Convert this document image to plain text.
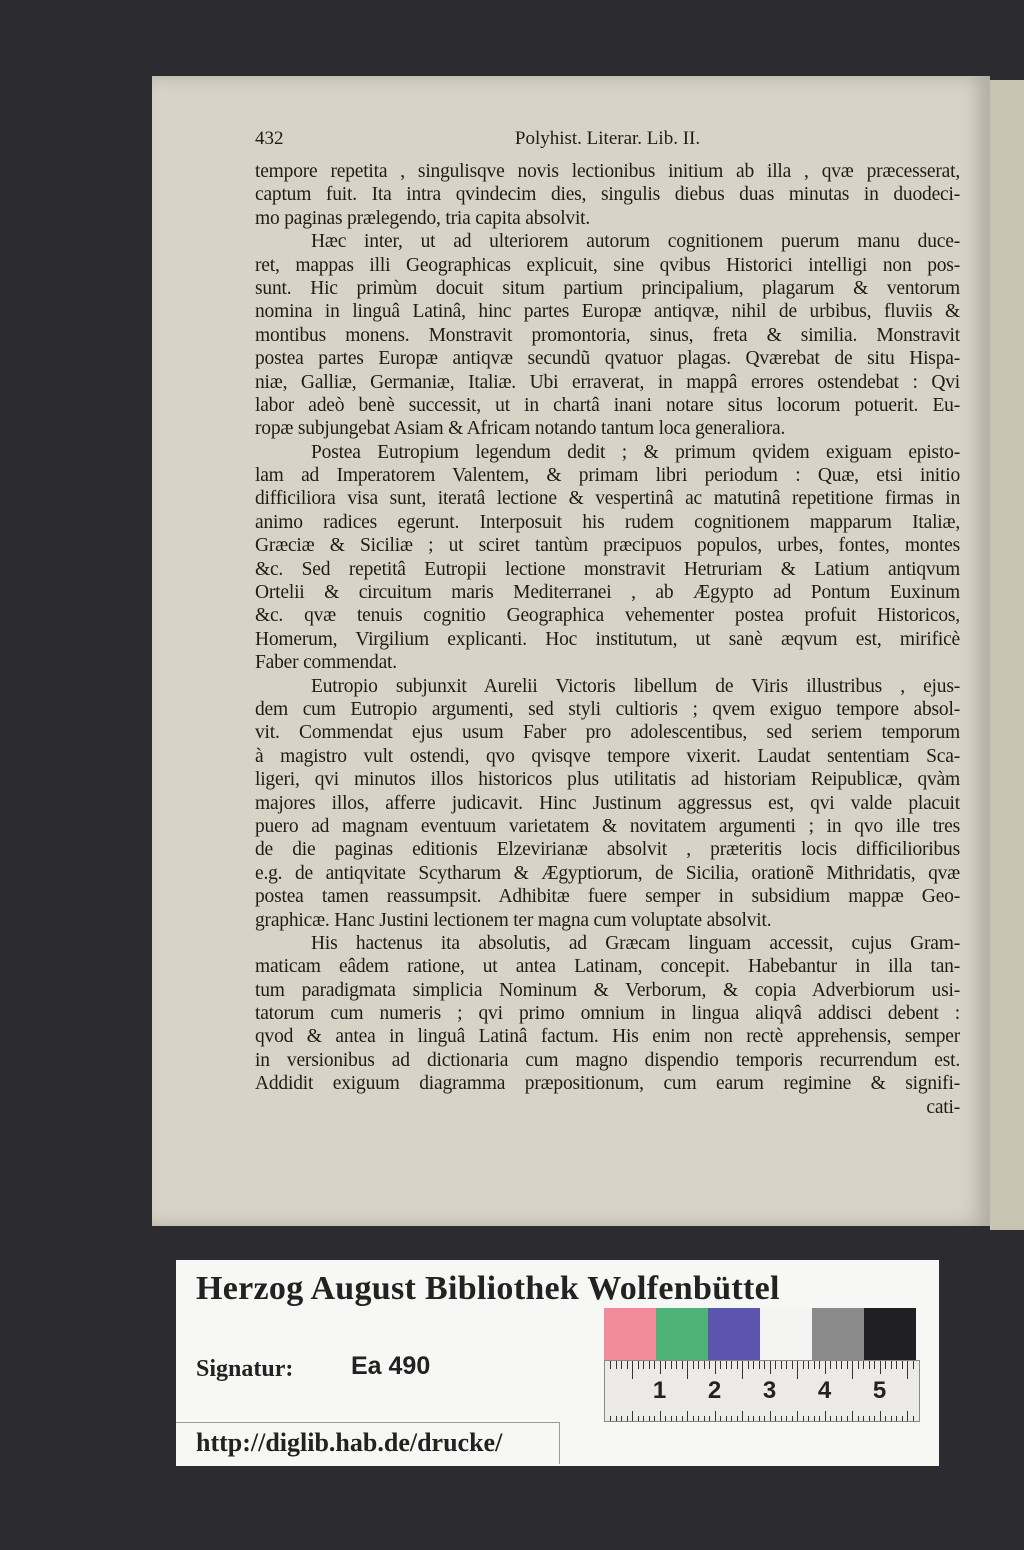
432	Polyhist. Literar. Lib. II.
tempore repetita , singulisqve novis lectionibus initium ab illa , qvæ præcesserat,
captum fuit. Ita intra qvindecim dies, singulis diebus duas minutas in duodeci-
mo paginas prælegendo, tria capita absolvit.
Hæc inter, ut ad ulteriorem autorum cognitionem puerum manu duce-
ret, mappas illi Geographicas explicuit, sine qvibus Historici intelligi non pos-
sunt. Hic primùm docuit situm partium principalium, plagarum & ventorum
nomina in linguâ Latinâ, hinc partes Europæ antiqvæ, nihil de urbibus, fluviis &
montibus monens. Monstravit promontoria, sinus, freta & similia. Monstravit
postea partes Europæ antiqvæ secundũ qvatuor plagas. Qværebat de situ Hispa-
niæ, Galliæ, Germaniæ, Italiæ. Ubi erraverat, in mappâ errores ostendebat : Qvi
labor adeò benè successit, ut in chartâ inani notare situs locorum potuerit. Eu-
ropæ subjungebat Asiam & Africam notando tantum loca generaliora.
Postea Eutropium legendum dedit ; & primum qvidem exiguam episto-
lam ad Imperatorem Valentem, & primam libri periodum : Quæ, etsi initio
difficiliora visa sunt, iteratâ lectione & vespertinâ ac matutinâ repetitione firmas in
animo radices egerunt. Interposuit his rudem cognitionem mapparum Italiæ,
Græciæ & Siciliæ ; ut sciret tantùm præcipuos populos, urbes, fontes, montes
&c. Sed repetitâ Eutropii lectione monstravit Hetruriam & Latium antiqvum
Ortelii & circuitum maris Mediterranei , ab Ægypto ad Pontum Euxinum
&c. qvæ tenuis cognitio Geographica vehementer postea profuit Historicos,
Homerum, Virgilium explicanti. Hoc institutum, ut sanè æqvum est, mirificè
Faber commendat.
Eutropio subjunxit Aurelii Victoris libellum de Viris illustribus , ejus-
dem cum Eutropio argumenti, sed styli cultioris ; qvem exiguo tempore absol-
vit. Commendat ejus usum Faber pro adolescentibus, sed seriem temporum
à magistro vult ostendi, qvo qvisqve tempore vixerit. Laudat sententiam Sca-
ligeri, qvi minutos illos historicos plus utilitatis ad historiam Reipublicæ, qvàm
majores illos, afferre judicavit. Hinc Justinum aggressus est, qvi valde placuit
puero ad magnam eventuum varietatem & novitatem argumenti ; in qvo ille tres
de die paginas editionis Elzevirianæ absolvit , præteritis locis difficilioribus
e.g. de antiqvitate Scytharum & Ægyptiorum, de Sicilia, orationẽ Mithridatis, qvæ
postea tamen reassumpsit. Adhibitæ fuere semper in subsidium mappæ Geo-
graphicæ. Hanc Justini lectionem ter magna cum voluptate absolvit.
His hactenus ita absolutis, ad Græcam linguam accessit, cujus Gram-
maticam eâdem ratione, ut antea Latinam, concepit. Habebantur in illa tan-
tum paradigmata simplicia Nominum & Verborum, & copia Adverbiorum usi-
tatorum cum numeris ; qvi primo omnium in lingua aliqvâ addisci debent :
qvod & antea in linguâ Latinâ factum. His enim non rectè apprehensis, semper
in versionibus ad dictionaria cum magno dispendio temporis recurrendum est.
Addidit exiguum diagramma præpositionum, cum earum regimine & signifi-
cati-
Herzog August Bibliothek Wolfenbüttel
Signatur: Ea 490
http://diglib.hab.de/drucke/
1 2 3 4 5
